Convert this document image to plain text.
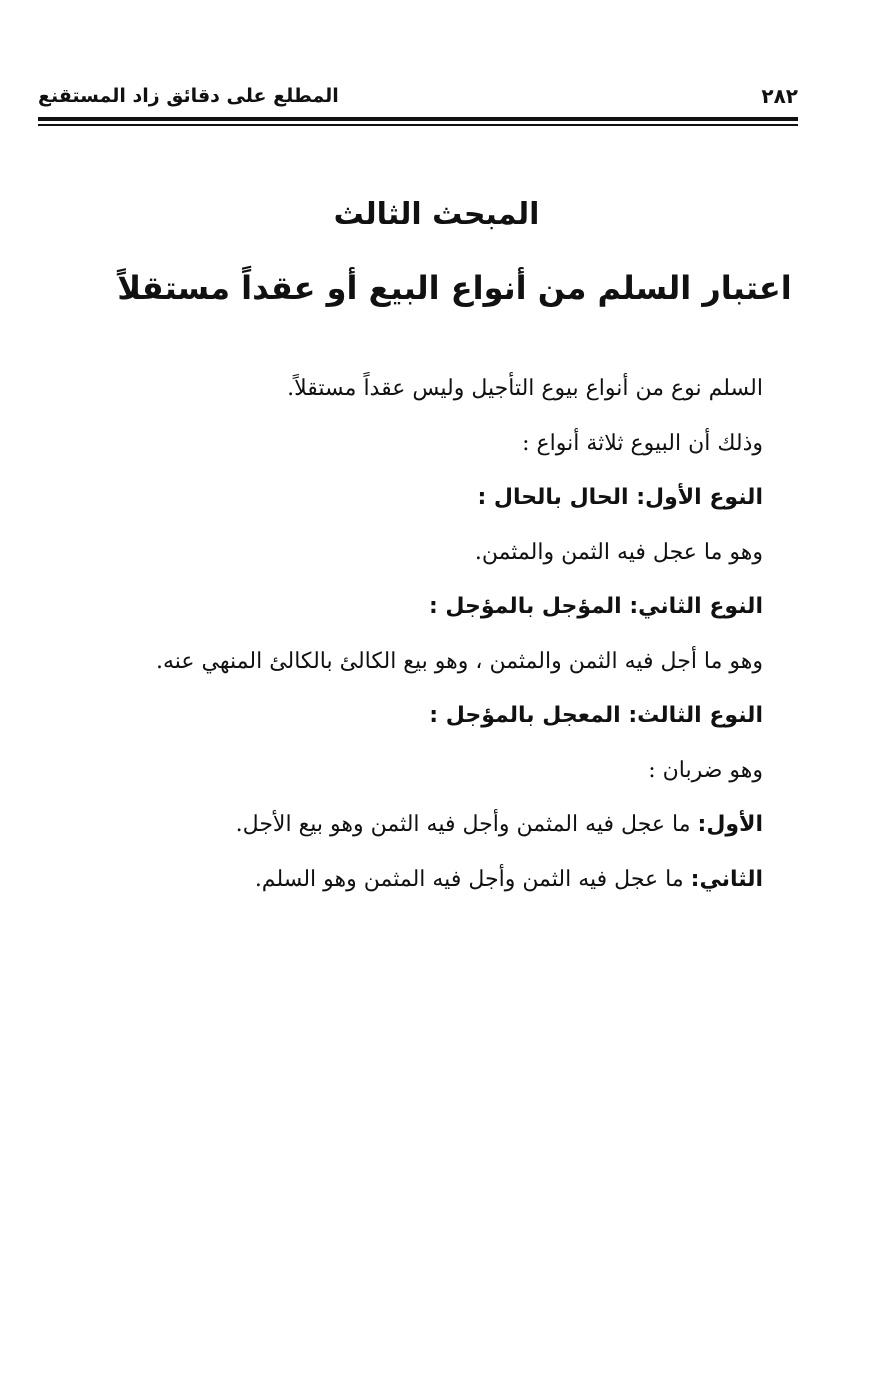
٢٨٢
المطلع على دقائق زاد المستقنع
المبحث الثالث
اعتبار السلم من أنواع البيع أو عقداً مستقلاً
السلم نوع من أنواع بيوع التأجيل وليس عقداً مستقلاً.
وذلك أن البيوع ثلاثة أنواع :
النوع الأول: الحال بالحال :
وهو ما عجل فيه الثمن والمثمن.
النوع الثاني: المؤجل بالمؤجل :
وهو ما أجل فيه الثمن والمثمن ، وهو بيع الكالئ بالكالئ المنهي عنه.
النوع الثالث: المعجل بالمؤجل :
وهو ضربان :
الأول: ما عجل فيه المثمن وأجل فيه الثمن وهو بيع الأجل.
الثاني: ما عجل فيه الثمن وأجل فيه المثمن وهو السلم.
